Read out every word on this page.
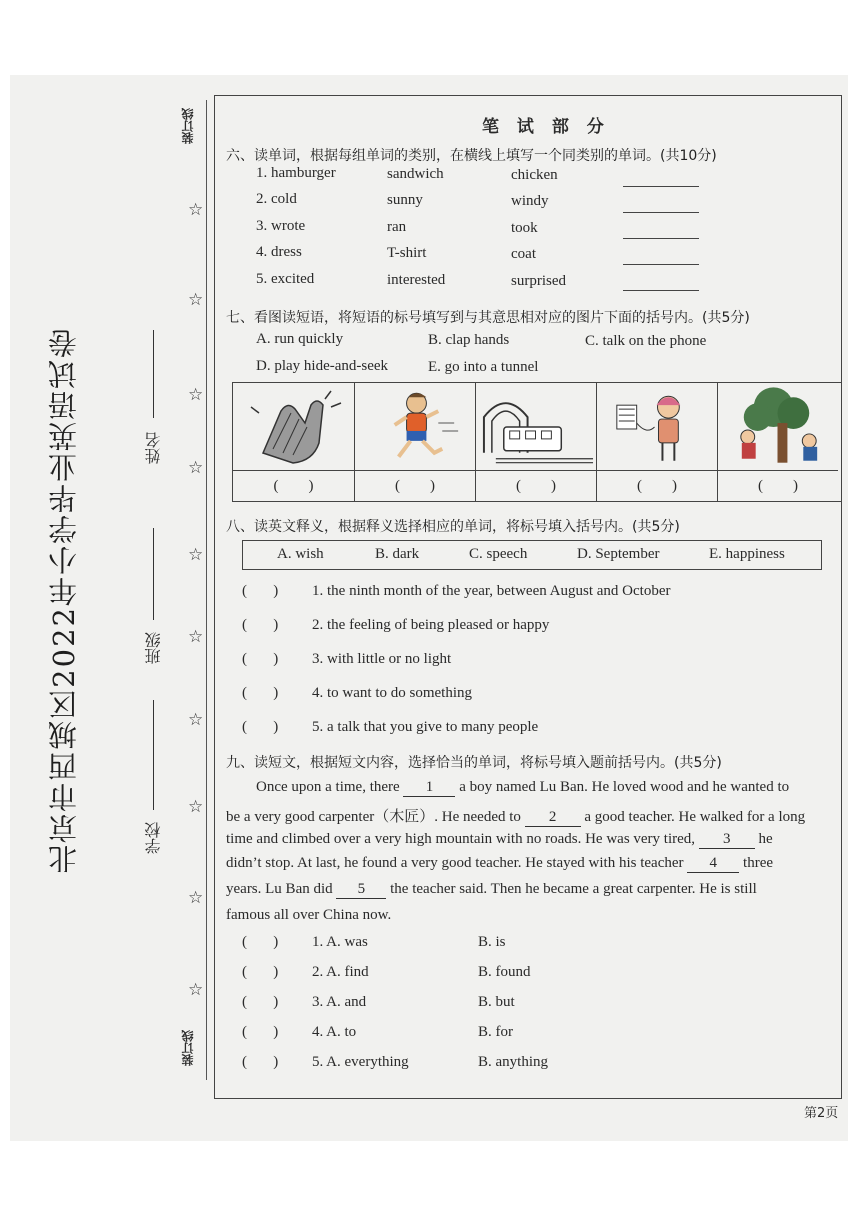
北京市西城区2022年小学毕业英语试卷	姓名
班级
学校
装订线
装订线
☆
☆
☆
☆
☆
☆
☆
☆
☆
☆
笔 试 部 分
六、读单词，根据每组单词的类别，在横线上填写一个同类别的单词。(共10分)
1. hamburger	sandwich	chicken
2. cold	sunny	windy
3. wrote	ran	took
4. dress	T-shirt	coat
5. excited	interested	surprised
七、看图读短语，将短语的标号填写到与其意思相对应的图片下面的括号内。(共5分)
A. run quickly	B. clap hands	C. talk on the phone
D. play hide-and-seek	E. go into a tunnel
(　　)	(　　)	(　　)	(　　)	(　　)
八、读英文释义，根据释义选择相应的单词，将标号填入括号内。(共5分)
A. wish	B. dark	C. speech	D. September	E. happiness
(       ) 1. the ninth month of the year, between August and October
(       ) 2. the feeling of being pleased or happy
(       ) 3. with little or no light
(       ) 4. to want to do something
(       ) 5. a talk that you give to many people
九、读短文，根据短文内容，选择恰当的单词，将标号填入题前括号内。(共5分)
Once upon a time, there 1 a boy named Lu Ban. He loved wood and he wanted to
be a very good carpenter（木匠）. He needed to 2 a good teacher. He walked for a long
time and climbed over a very high mountain with no roads. He was very tired, 3 he
didn’t stop. At last, he found a very good teacher. He stayed with his teacher 4 three
years. Lu Ban did 5 the teacher said. Then he became a great carpenter. He is still
famous all over China now.
(       ) 1. A. was	B. is
(       ) 2. A. find	B. found
(       ) 3. A. and	B. but
(       ) 4. A. to	B. for
(       ) 5. A. everything	B. anything
第2页
